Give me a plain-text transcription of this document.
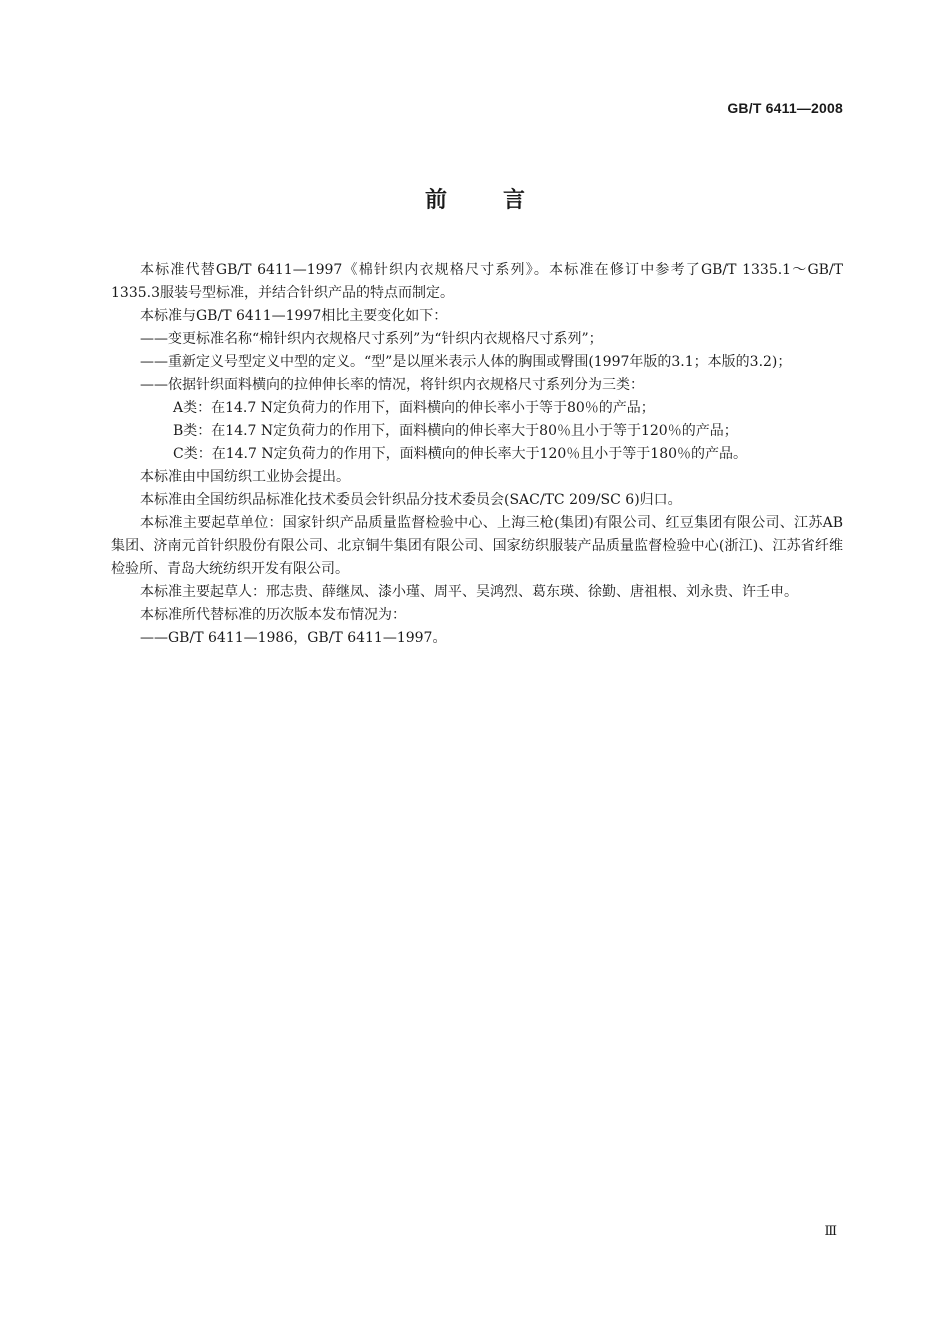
GB/T 6411—2008
前言

本标准代替GB/T 6411—1997《棉针织内衣规格尺寸系列》。本标准在修订中参考了GB/T 1335.1～GB/T 1335.3服装号型标准，并结合针织产品的特点而制定。

本标准与GB/T 6411—1997相比主要变化如下：

——变更标准名称“棉针织内衣规格尺寸系列”为“针织内衣规格尺寸系列”；

——重新定义号型定义中型的定义。“型”是以厘米表示人体的胸围或臀围(1997年版的3.1；本版的3.2)；

——依据针织面料横向的拉伸伸长率的情况，将针织内衣规格尺寸系列分为三类：

A类：在14.7 N定负荷力的作用下，面料横向的伸长率小于等于80％的产品；

B类：在14.7 N定负荷力的作用下，面料横向的伸长率大于80％且小于等于120％的产品；

C类：在14.7 N定负荷力的作用下，面料横向的伸长率大于120％且小于等于180％的产品。

本标准由中国纺织工业协会提出。

本标准由全国纺织品标准化技术委员会针织品分技术委员会(SAC/TC 209/SC 6)归口。

本标准主要起草单位：国家针织产品质量监督检验中心、上海三枪(集团)有限公司、红豆集团有限公司、江苏AB集团、济南元首针织股份有限公司、北京铜牛集团有限公司、国家纺织服装产品质量监督检验中心(浙江)、江苏省纤维检验所、青岛大统纺织开发有限公司。

本标准主要起草人：邢志贵、薛继凤、漆小瑾、周平、吴鸿烈、葛东瑛、徐勤、唐祖根、刘永贵、许壬申。

本标准所代替标准的历次版本发布情况为：

——GB/T 6411—1986，GB/T 6411—1997。

Ⅲ
